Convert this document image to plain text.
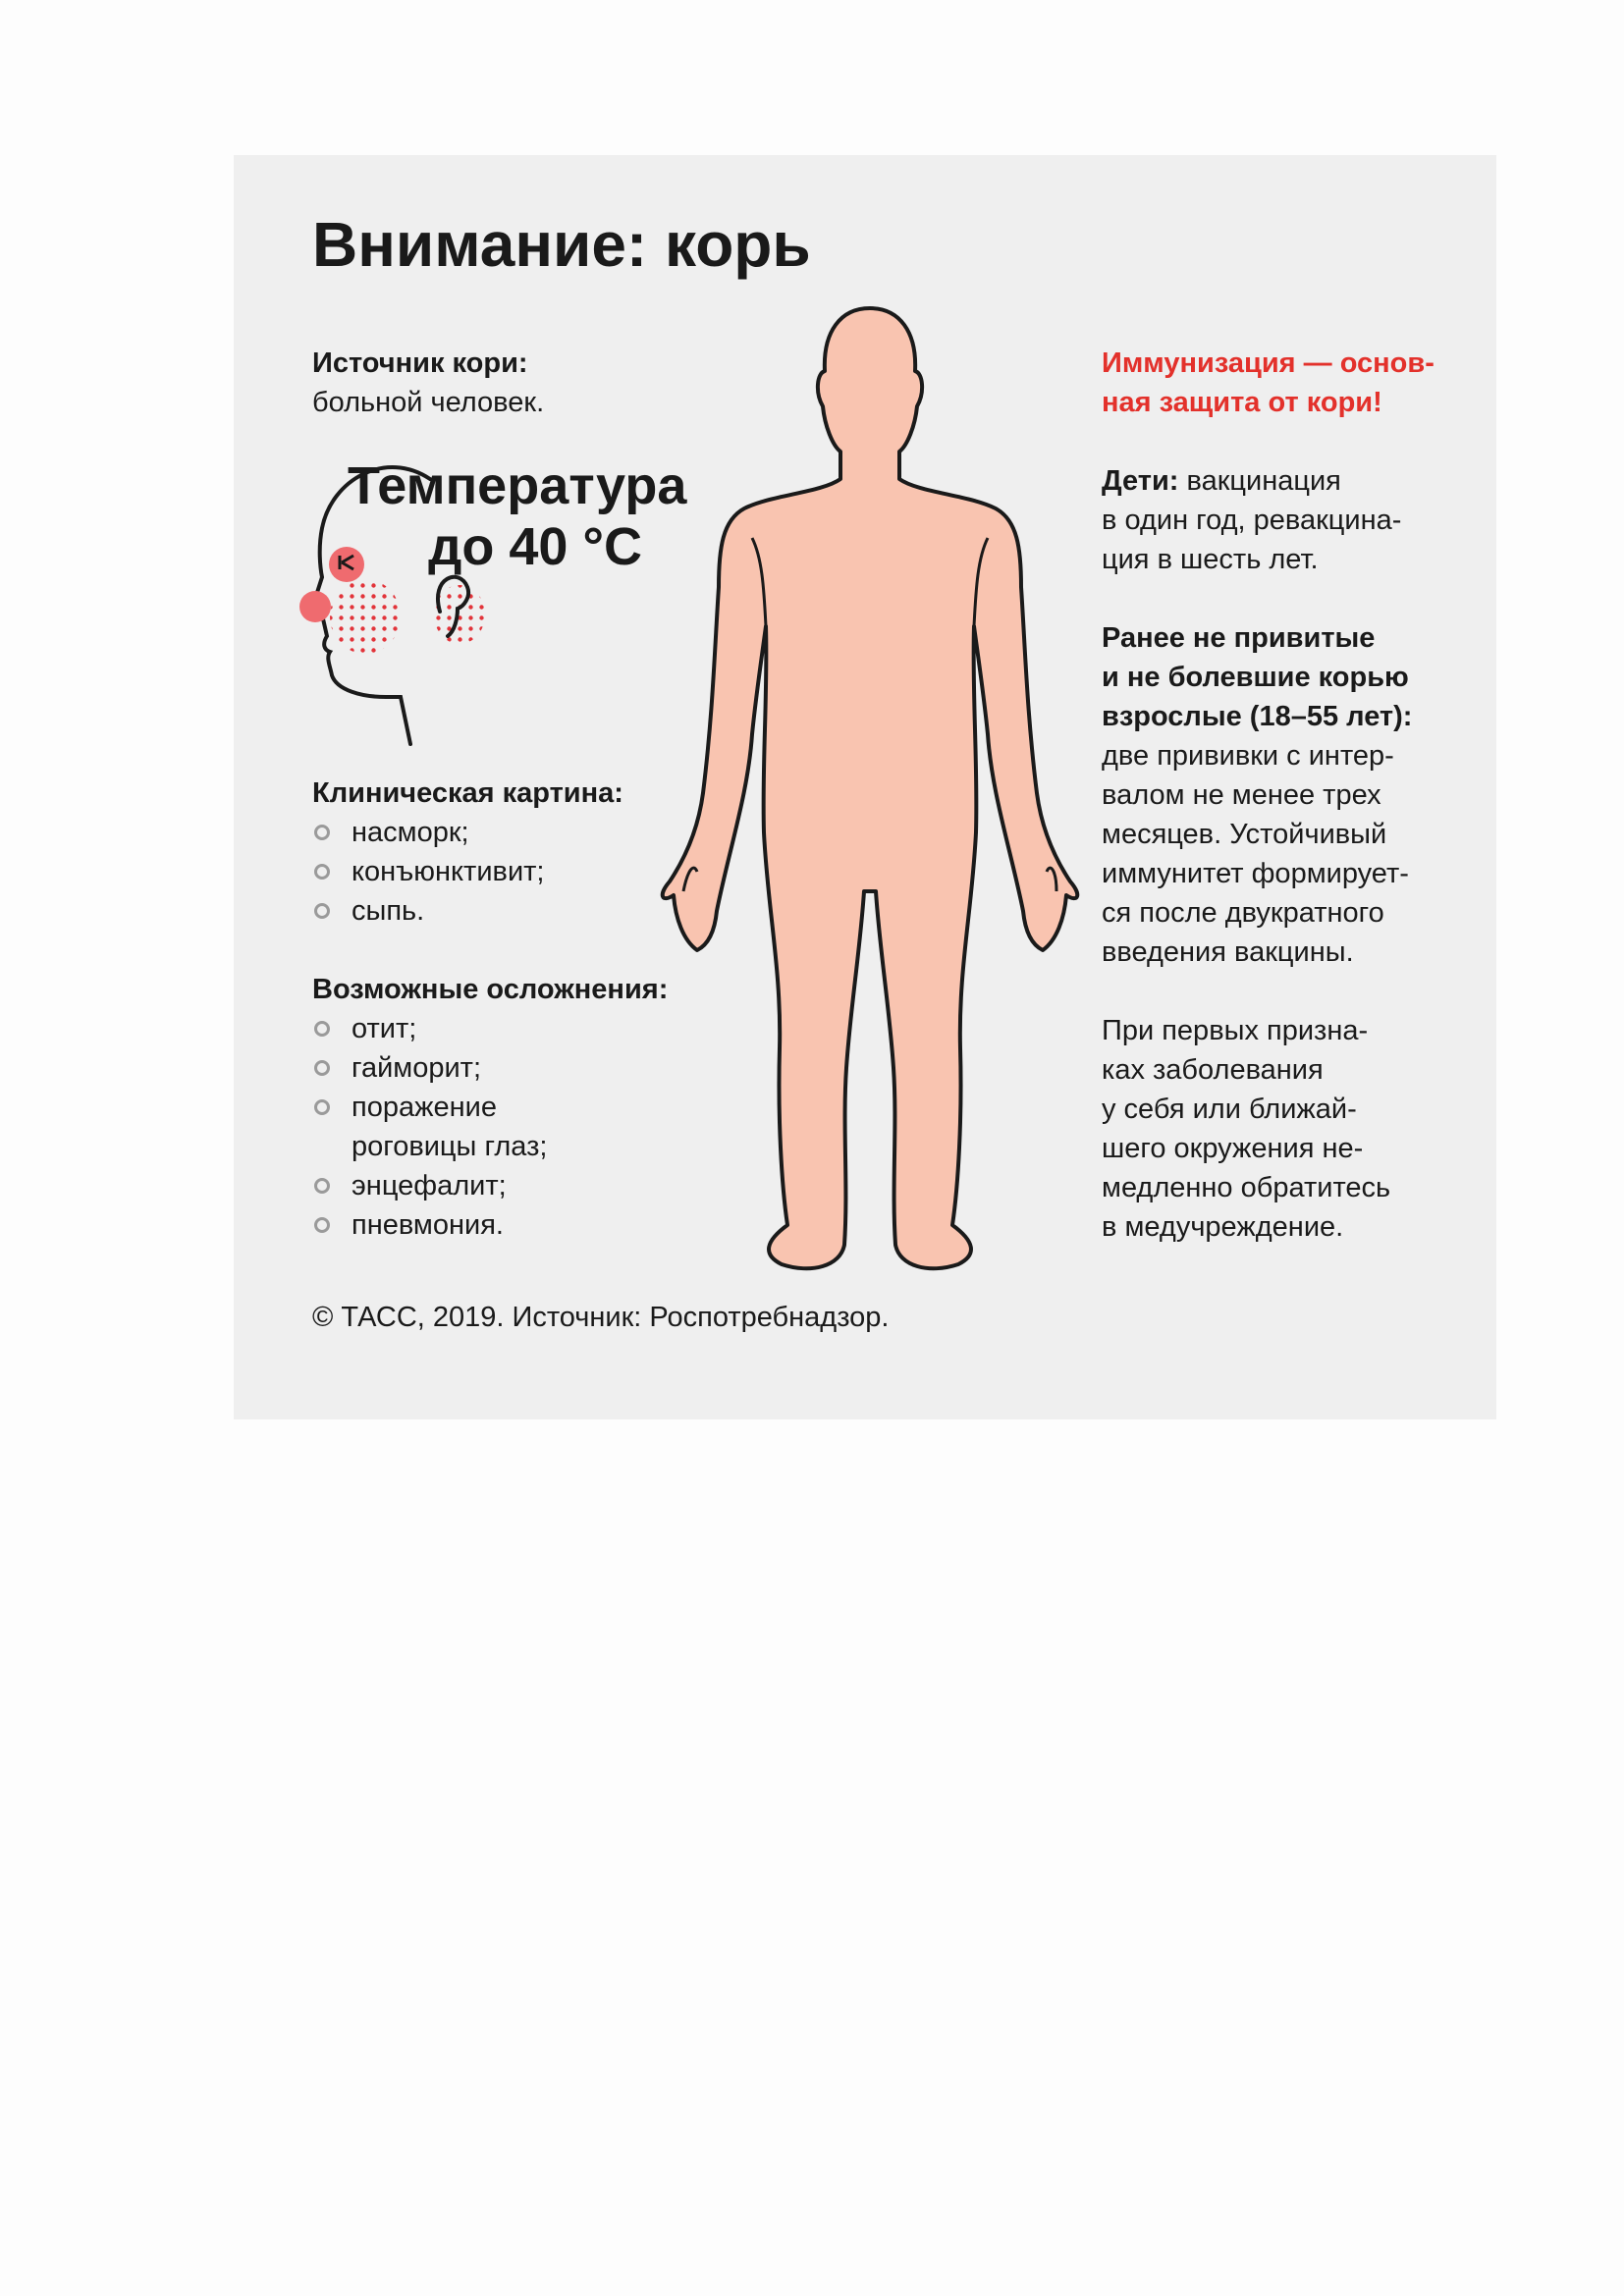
Внимание: корь
Источник кори:
больной человек.
Температура
до 40 °С
Клиническая картина:
насморк;
конъюнктивит;
сыпь.
Возможные осложнения:
отит;
гайморит;
поражение роговицы глаз;
энцефалит;
пневмония.

Иммунизация — основ-
ная защита от кори!

Дети: вакцинация
в один год, ревакцина-
ция в шесть лет.

Ранее не привитые
и не болевшие корью
взрослые (18–55 лет):
две прививки с интер-
валом не менее трех
месяцев. Устойчивый
иммунитет формирует-
ся после двукратного
введения вакцины.

При первых призна-
ках заболевания
у себя или ближай-
шего окружения не-
медленно обратитесь
в медучреждение.

© ТАСС, 2019. Источник: Роспотребнадзор.
